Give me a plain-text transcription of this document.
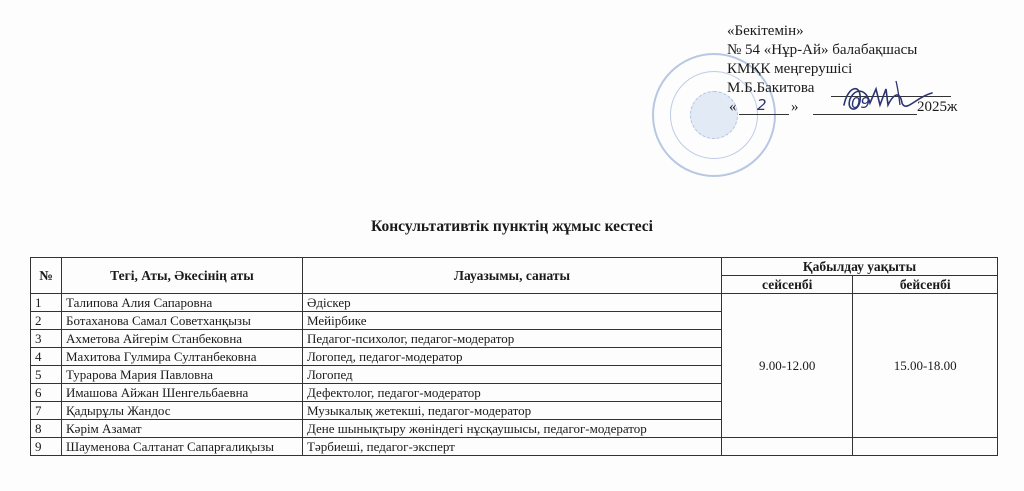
«Бекітемін»
№ 54 «Нұр-Ай» балабақшасы
КМҚК меңгерушісі
М.Б.Бакитова
« 2 »	09	2025ж
Консультативтік пунктің жұмыс кестесі
№	Тегі, Аты, Әкесінің аты	Лауазымы, санаты	Қабылдау уақыты	
			сейсенбі	бейсенбі
1	Талипова Алия Сапаровна	Әдіскер	9.00-12.00	15.00-18.00
2	Ботаханова Самал Советханқызы	Мейірбике		
3	Ахметова Айгерім Станбековна	Педагог-психолог, педагог-модератор		
4	Махитова Гулмира Султанбековна	Логопед, педагог-модератор		
5	Турарова Мария Павловна	Логопед		
6	Имашова Айжан Шенгельбаевна	Дефектолог, педагог-модератор		
7	Қадырұлы Жандос	Музыкалық жетекші, педагог-модератор		
8	Кәрім Азамат	Дене шынықтыру жөніндегі нұсқаушысы, педагог-модератор		
9	Шауменова Салтанат Сапарғалиқызы	Тәрбиеші, педагог-эксперт		
